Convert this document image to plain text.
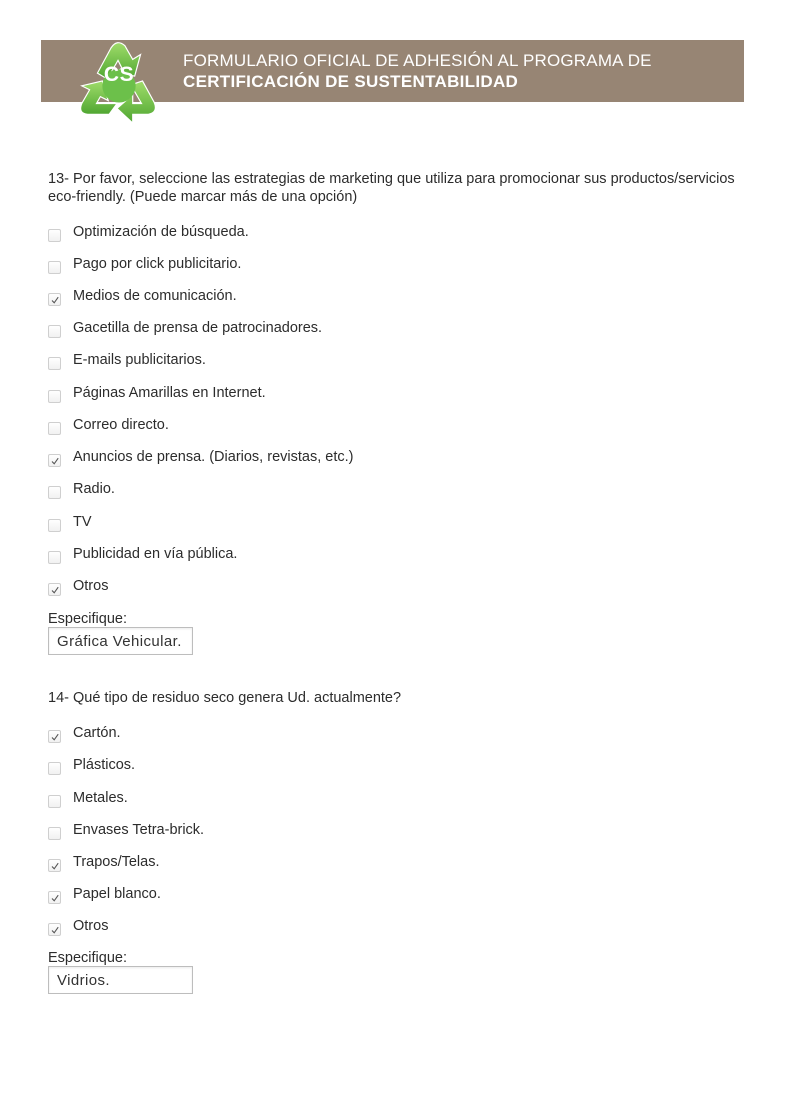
FORMULARIO OFICIAL DE ADHESIÓN AL PROGRAMA DE
CERTIFICACIÓN DE SUSTENTABILIDAD
CS
13- Por favor, seleccione las estrategias de marketing que utiliza para promocionar sus productos/servicios eco-friendly. (Puede marcar más de una opción)
Optimización de búsqueda.
Pago por click publicitario.
Medios de comunicación.
Gacetilla de prensa de patrocinadores.
E-mails publicitarios.
Páginas Amarillas en Internet.
Correo directo.
Anuncios de prensa. (Diarios, revistas, etc.)
Radio.
TV
Publicidad en vía pública.
Otros
Especifique:
Gráfica Vehicular.
14- Qué tipo de residuo seco genera Ud. actualmente?
Cartón.
Plásticos.
Metales.
Envases Tetra-brick.
Trapos/Telas.
Papel blanco.
Otros
Especifique:
Vidrios.
